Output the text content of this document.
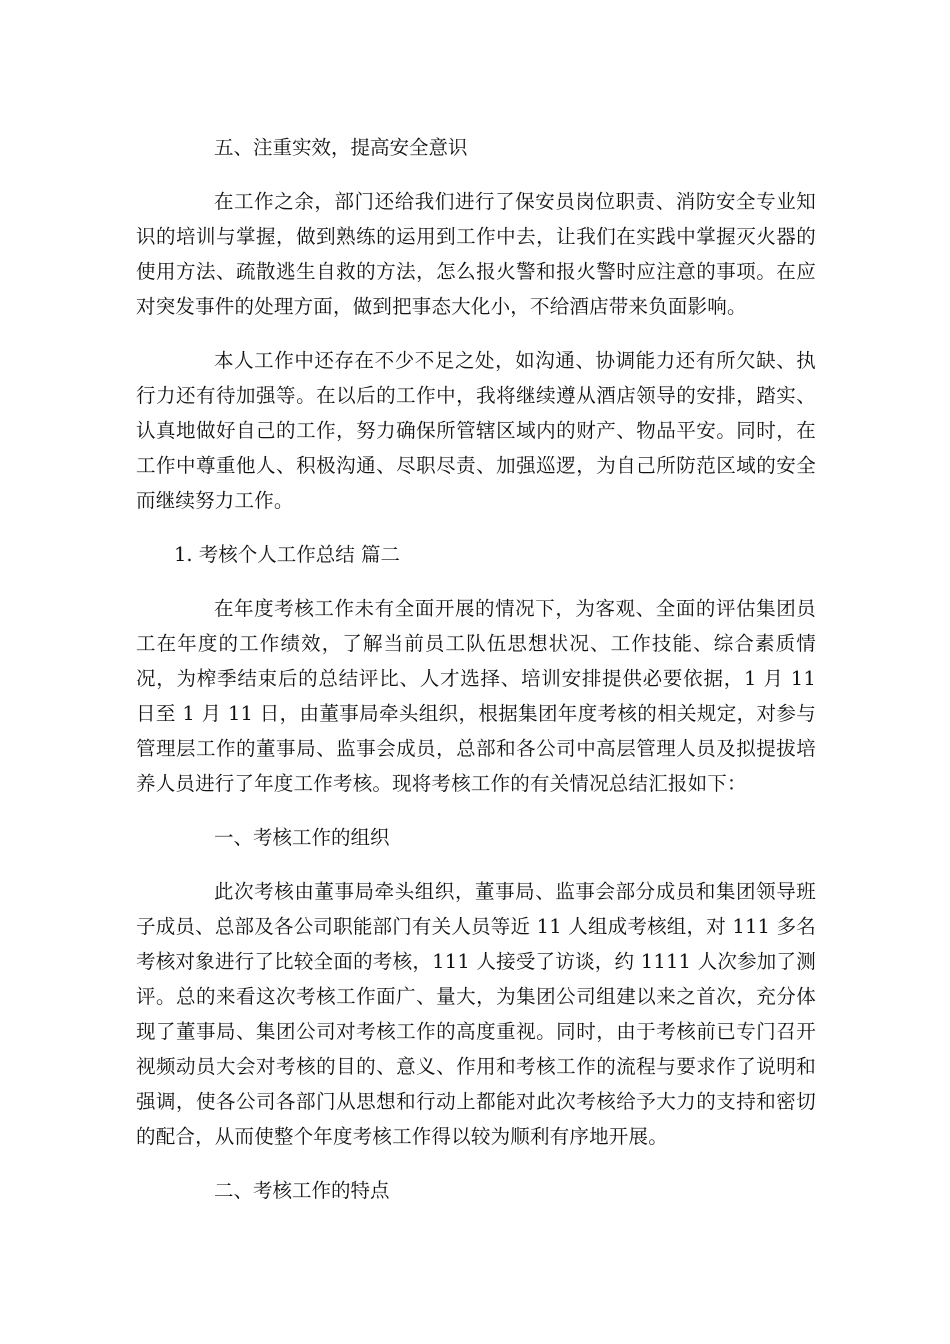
五、注重实效，提高安全意识

在工作之余，部门还给我们进行了保安员岗位职责、消防安全专业知识的培训与掌握，做到熟练的运用到工作中去，让我们在实践中掌握灭火器的使用方法、疏散逃生自救的方法，怎么报火警和报火警时应注意的事项。在应对突发事件的处理方面，做到把事态大化小，不给酒店带来负面影响。

本人工作中还存在不少不足之处，如沟通、协调能力还有所欠缺、执行力还有待加强等。在以后的工作中，我将继续遵从酒店领导的安排，踏实、认真地做好自己的工作，努力确保所管辖区域内的财产、物品平安。同时，在工作中尊重他人、积极沟通、尽职尽责、加强巡逻，为自己所防范区域的安全而继续努力工作。

1. 考核个人工作总结 篇二

在年度考核工作未有全面开展的情况下，为客观、全面的评估集团员工在年度的工作绩效，了解当前员工队伍思想状况、工作技能、综合素质情况，为榨季结束后的总结评比、人才选择、培训安排提供必要依据，1 月 11 日至 1 月 11 日，由董事局牵头组织，根据集团年度考核的相关规定，对参与管理层工作的董事局、监事会成员，总部和各公司中高层管理人员及拟提拔培养人员进行了年度工作考核。现将考核工作的有关情况总结汇报如下：

一、考核工作的组织

此次考核由董事局牵头组织，董事局、监事会部分成员和集团领导班子成员、总部及各公司职能部门有关人员等近 11 人组成考核组，对 111 多名考核对象进行了比较全面的考核，111 人接受了访谈，约 1111 人次参加了测评。总的来看这次考核工作面广、量大，为集团公司组建以来之首次，充分体现了董事局、集团公司对考核工作的高度重视。同时，由于考核前已专门召开视频动员大会对考核的目的、意义、作用和考核工作的流程与要求作了说明和强调，使各公司各部门从思想和行动上都能对此次考核给予大力的支持和密切的配合，从而使整个年度考核工作得以较为顺利有序地开展。

二、考核工作的特点
